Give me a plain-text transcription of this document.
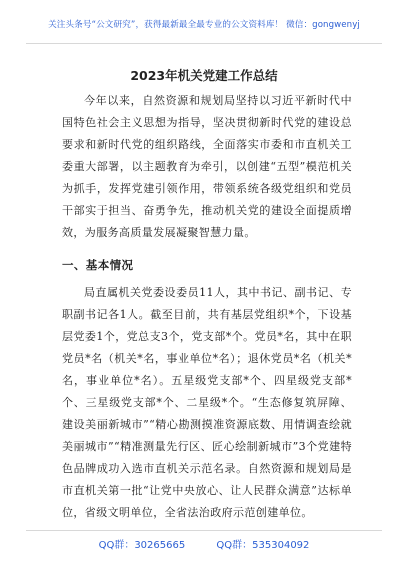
关注头条号“公文研究”，获得最新最全最专业的公文资料库！ 微信：gongwenyj
2023年机关党建工作总结

今年以来，自然资源和规划局坚持以习近平新时代中国特色社会主义思想为指导，坚决贯彻新时代党的建设总要求和新时代党的组织路线，全面落实市委和市直机关工委重大部署，以主题教育为牵引，以创建“五型”模范机关为抓手，发挥党建引领作用，带领系统各级党组织和党员干部实于担当、奋勇争先，推动机关党的建设全面提质增效，为服务高质量发展凝聚智慧力量。

一、基本情况

局直属机关党委设委员11人，其中书记、副书记、专职副书记各1人。截至目前，共有基层党组织*个，下设基层党委1个，党总支3个，党支部*个。党员*名，其中在职党员*名（机关*名，事业单位*名）；退休党员*名（机关*名，事业单位*名）。五星级党支部*个、四星级党支部*个、三星级党支部*个、二星级*个。“生态修复筑屏障、建设美丽新城市”“精心勘测摸准资源底数、用情调查绘就美丽城市”“精准测量先行区、匠心绘制新城市”3个党建特色品牌成功入选市直机关示范名录。自然资源和规划局是市直机关第一批“让党中央放心、让人民群众满意”达标单位，省级文明单位，全省法治政府示范创建单位。

QQ群：30265665	QQ群：535304092
